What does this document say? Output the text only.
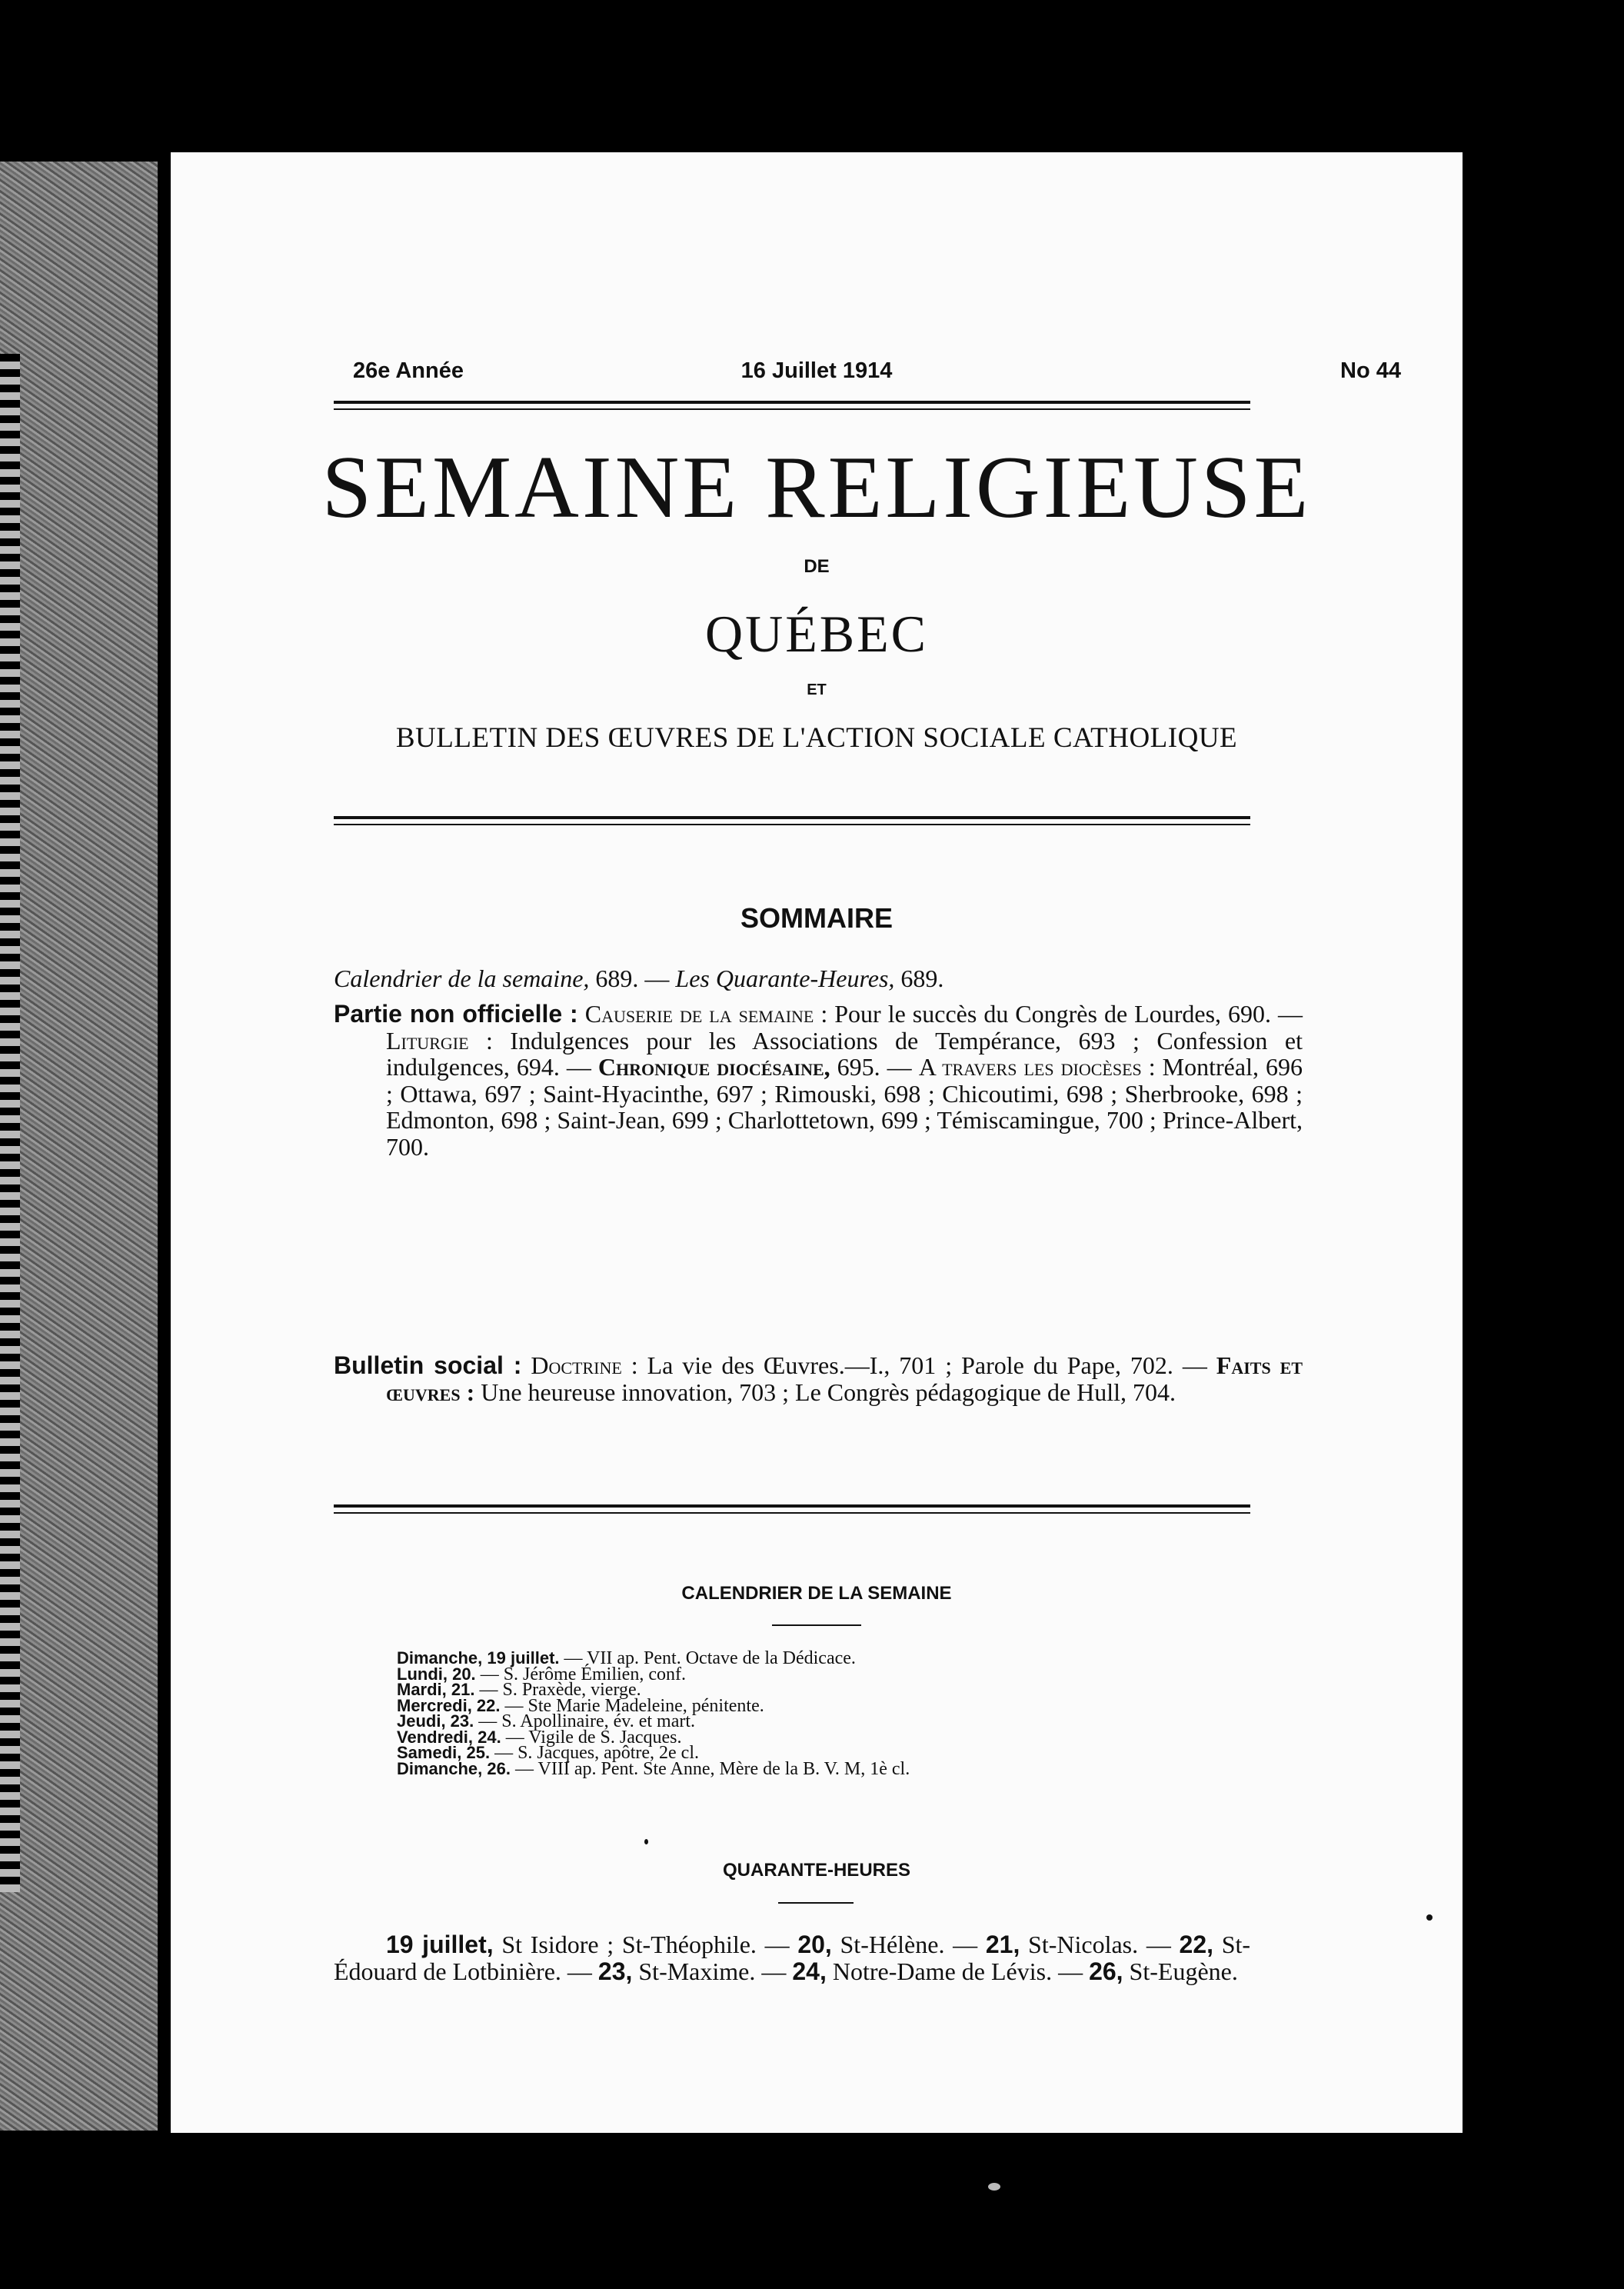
26e Année	16 Juillet 1914	No 44
SEMAINE RELIGIEUSE
DE
QUÉBEC
ET
BULLETIN DES ŒUVRES DE L'ACTION SOCIALE CATHOLIQUE
SOMMAIRE
Calendrier de la semaine, 689. — Les Quarante-Heures, 689.
Partie non officielle : Causerie de la semaine : Pour le succès du Congrès de Lourdes, 690. — Liturgie : Indulgences pour les Associations de Tempérance, 693 ; Confession et indulgences, 694. — Chronique diocésaine, 695. — A travers les diocèses : Montréal, 696 ; Ottawa, 697 ; Saint-Hyacinthe, 697 ; Rimouski, 698 ; Chicoutimi, 698 ; Sherbrooke, 698 ; Edmonton, 698 ; Saint-Jean, 699 ; Charlottetown, 699 ; Témiscamingue, 700 ; Prince-Albert, 700.
Bulletin social : Doctrine : La vie des Œuvres.—I., 701 ; Parole du Pape, 702. — Faits et œuvres : Une heureuse innovation, 703 ; Le Congrès pédagogique de Hull, 704.
CALENDRIER DE LA SEMAINE
Dimanche, 19 juillet. — VII ap. Pent. Octave de la Dédicace.
Lundi, 20. — S. Jérôme Émilien, conf.
Mardi, 21. — S. Praxède, vierge.
Mercredi, 22. — Ste Marie Madeleine, pénitente.
Jeudi, 23. — S. Apollinaire, év. et mart.
Vendredi, 24. — Vigile de S. Jacques.
Samedi, 25. — S. Jacques, apôtre, 2e cl.
Dimanche, 26. — VIII ap. Pent. Ste Anne, Mère de la B. V. M, 1è cl.
QUARANTE-HEURES
19 juillet, St Isidore ; St-Théophile. — 20, St-Hélène. — 21, St-Nicolas. — 22, St-Édouard de Lotbinière. — 23, St-Maxime. — 24, Notre-Dame de Lévis. — 26, St-Eugène.
